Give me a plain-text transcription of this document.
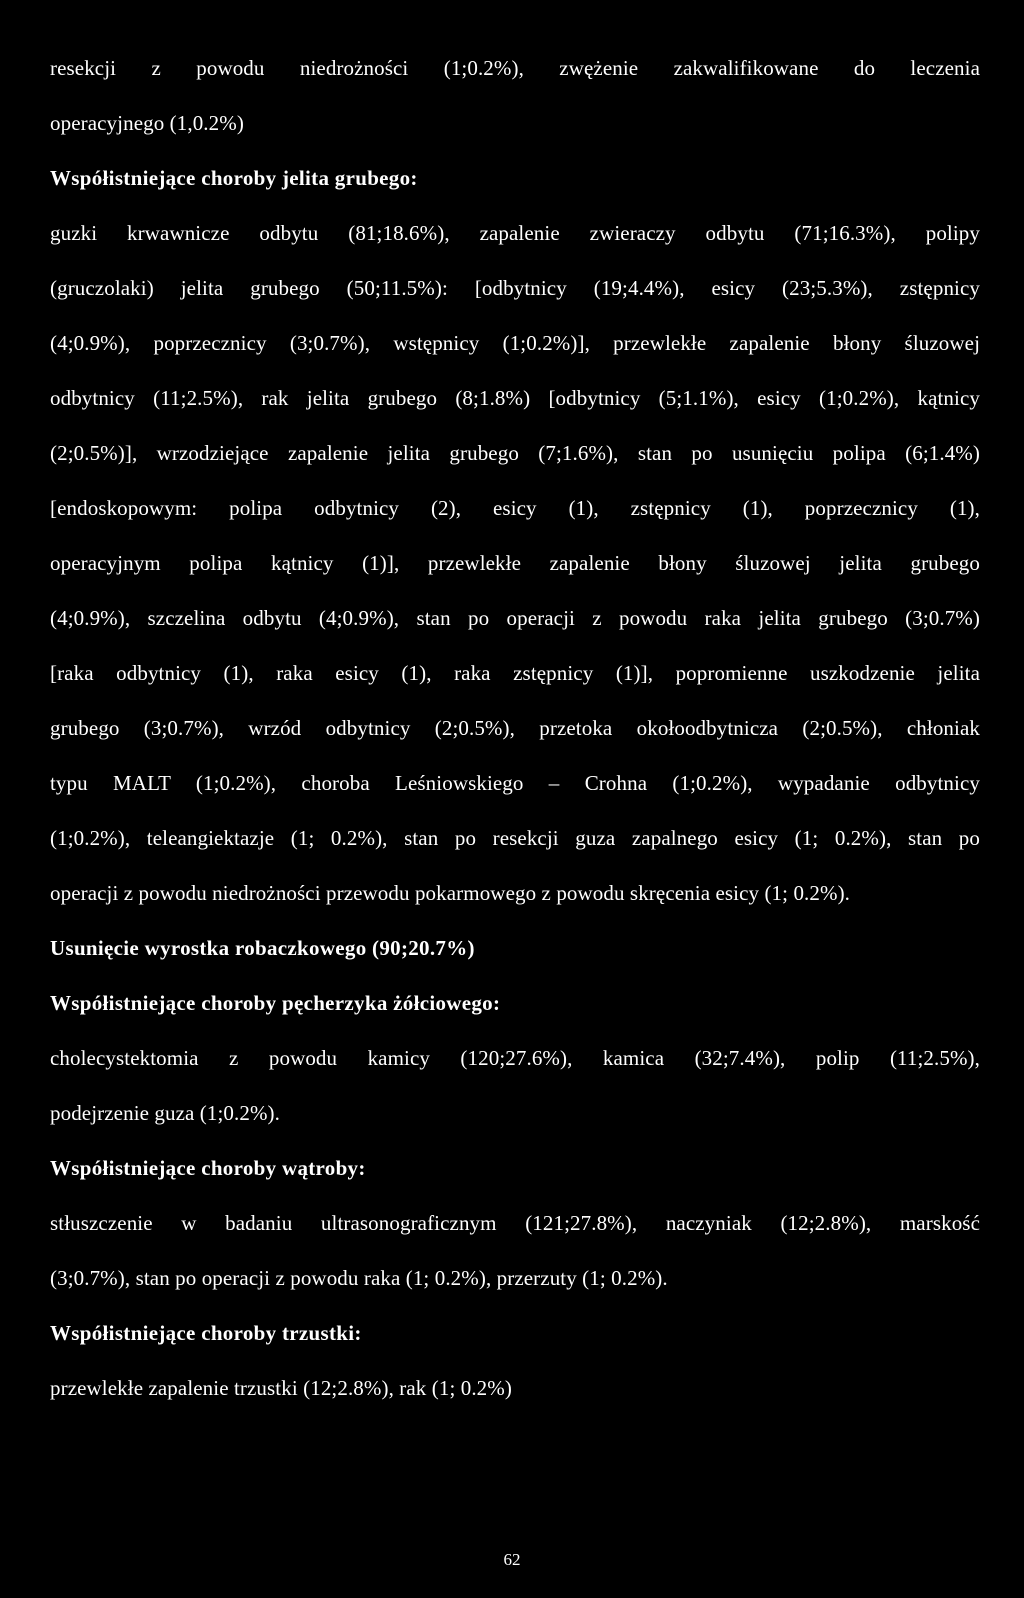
resekcji z powodu niedrożności (1;0.2%), zwężenie zakwalifikowane do leczenia
operacyjnego (1,0.2%)
Współistniejące choroby jelita grubego:
guzki krwawnicze odbytu (81;18.6%), zapalenie zwieraczy odbytu (71;16.3%), polipy
(gruczolaki) jelita grubego (50;11.5%): [odbytnicy (19;4.4%), esicy (23;5.3%), zstępnicy
(4;0.9%), poprzecznicy (3;0.7%), wstępnicy (1;0.2%)], przewlekłe zapalenie błony śluzowej
odbytnicy (11;2.5%), rak jelita grubego (8;1.8%) [odbytnicy (5;1.1%), esicy (1;0.2%), kątnicy
(2;0.5%)], wrzodziejące zapalenie jelita grubego (7;1.6%), stan po usunięciu polipa (6;1.4%)
[endoskopowym: polipa odbytnicy (2), esicy (1), zstępnicy (1), poprzecznicy (1),
operacyjnym polipa kątnicy (1)], przewlekłe zapalenie błony śluzowej jelita grubego
(4;0.9%), szczelina odbytu (4;0.9%), stan po operacji z powodu raka jelita grubego (3;0.7%)
[raka odbytnicy (1), raka esicy (1), raka zstępnicy (1)], popromienne uszkodzenie jelita
grubego (3;0.7%), wrzód odbytnicy (2;0.5%), przetoka okołoodbytnicza (2;0.5%), chłoniak
typu MALT (1;0.2%), choroba Leśniowskiego – Crohna (1;0.2%), wypadanie odbytnicy
(1;0.2%), teleangiektazje (1; 0.2%), stan po resekcji guza zapalnego esicy (1; 0.2%), stan po
operacji z powodu niedrożności przewodu pokarmowego z powodu skręcenia esicy (1; 0.2%).
Usunięcie wyrostka robaczkowego (90;20.7%)
Współistniejące choroby pęcherzyka żółciowego:
cholecystektomia z powodu kamicy (120;27.6%), kamica (32;7.4%), polip (11;2.5%),
podejrzenie guza (1;0.2%).
Współistniejące choroby wątroby:
stłuszczenie w badaniu ultrasonograficznym (121;27.8%), naczyniak (12;2.8%), marskość
(3;0.7%), stan po operacji z powodu raka (1; 0.2%), przerzuty (1; 0.2%).
Współistniejące choroby trzustki:
przewlekłe zapalenie trzustki (12;2.8%), rak (1; 0.2%)
62
